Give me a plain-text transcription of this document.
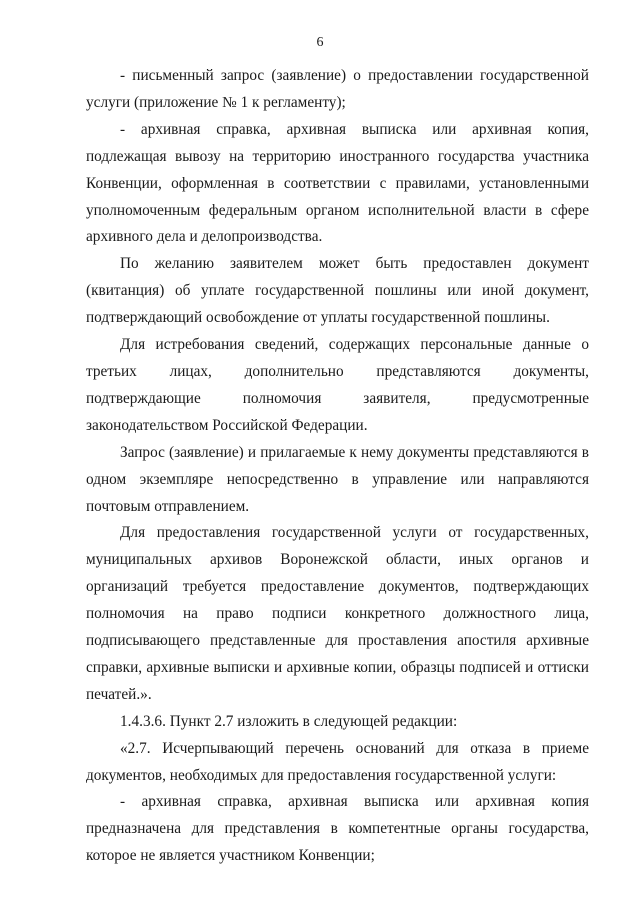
6

- письменный запрос (заявление) о предоставлении государственной услуги (приложение № 1 к регламенту);

- архивная справка, архивная выписка или архивная копия, подлежащая вывозу на территорию иностранного государства участника Конвенции, оформленная в соответствии с правилами, установленными уполномоченным федеральным органом исполнительной власти в сфере архивного дела и делопроизводства.

По желанию заявителем может быть предоставлен документ (квитанция) об уплате государственной пошлины или иной документ, подтверждающий освобождение от уплаты государственной пошлины.

Для истребования сведений, содержащих персональные данные о третьих лицах, дополнительно представляются документы, подтверждающие полномочия заявителя, предусмотренные законодательством Российской Федерации.

Запрос (заявление) и прилагаемые к нему документы представляются в одном экземпляре непосредственно в управление или направляются почтовым отправлением.

Для предоставления государственной услуги от государственных, муниципальных архивов Воронежской области, иных органов и организаций требуется предоставление документов, подтверждающих полномочия на право подписи конкретного должностного лица, подписывающего представленные для проставления апостиля архивные справки, архивные выписки и архивные копии, образцы подписей и оттиски печатей.».

1.4.3.6. Пункт 2.7 изложить в следующей редакции:

«2.7. Исчерпывающий перечень оснований для отказа в приеме документов, необходимых для предоставления государственной услуги:

- архивная справка, архивная выписка или архивная копия предназначена для представления в компетентные органы государства, которое не является участником Конвенции;
